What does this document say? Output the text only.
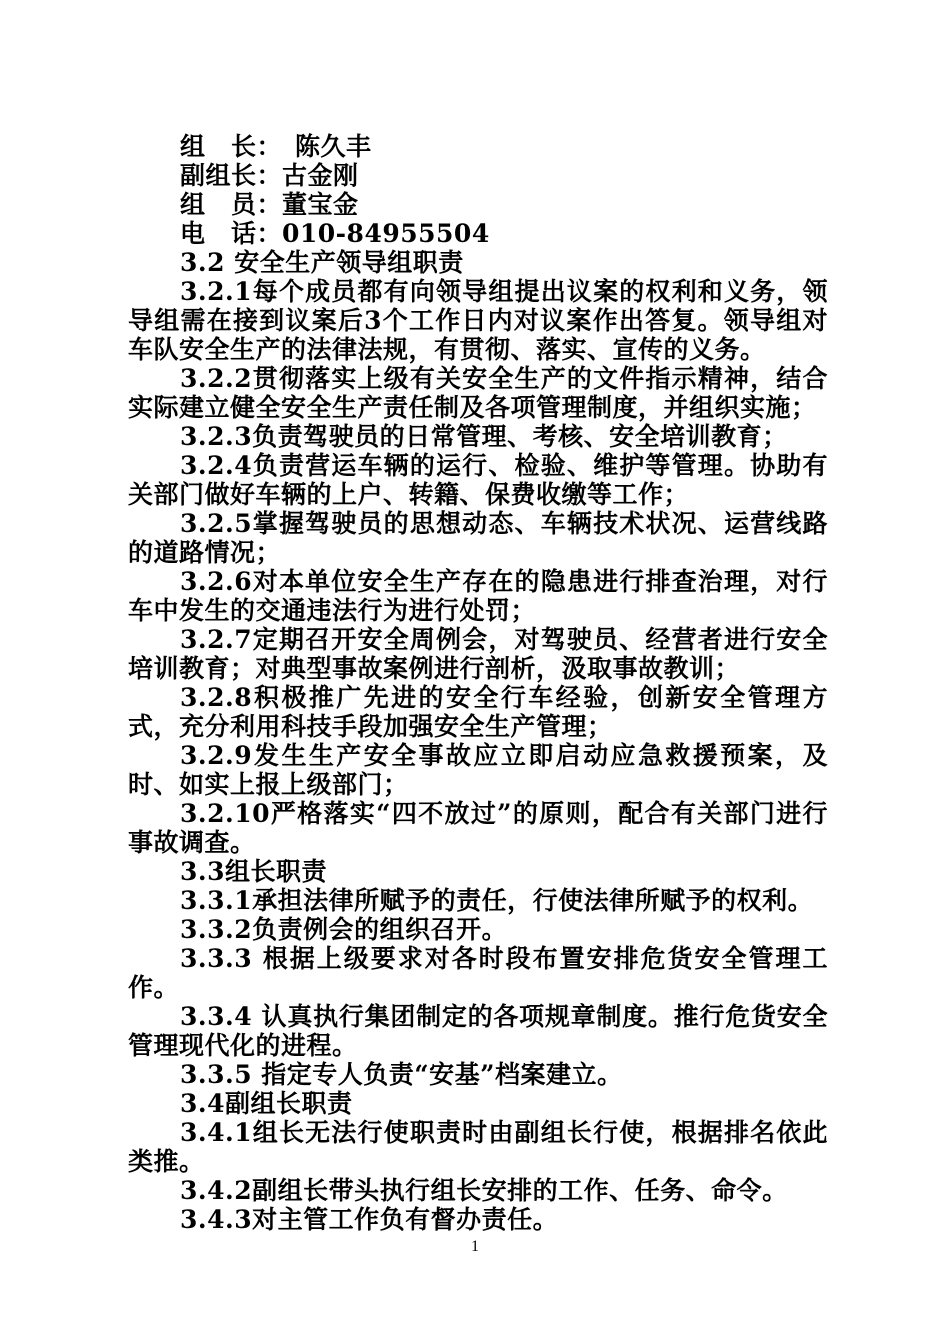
组　长：　陈久丰
副组长：古金刚
组　员：董宝金
电　话：010-84955504
3.2 安全生产领导组职责
3.2.1每个成员都有向领导组提出议案的权利和义务，领导组需在接到议案后3个工作日内对议案作出答复。领导组对车队安全生产的法律法规，有贯彻、落实、宣传的义务。
3.2.2贯彻落实上级有关安全生产的文件指示精神，结合实际建立健全安全生产责任制及各项管理制度，并组织实施；
3.2.3负责驾驶员的日常管理、考核、安全培训教育；
3.2.4负责营运车辆的运行、检验、维护等管理。协助有关部门做好车辆的上户、转籍、保费收缴等工作；
3.2.5掌握驾驶员的思想动态、车辆技术状况、运营线路的道路情况；
3.2.6对本单位安全生产存在的隐患进行排查治理，对行车中发生的交通违法行为进行处罚；
3.2.7定期召开安全周例会，对驾驶员、经营者进行安全培训教育；对典型事故案例进行剖析，汲取事故教训；
3.2.8积极推广先进的安全行车经验，创新安全管理方式，充分利用科技手段加强安全生产管理；
3.2.9发生生产安全事故应立即启动应急救援预案，及时、如实上报上级部门；
3.2.10严格落实“四不放过”的原则，配合有关部门进行事故调查。
3.3组长职责
3.3.1承担法律所赋予的责任，行使法律所赋予的权利。
3.3.2负责例会的组织召开。
3.3.3 根据上级要求对各时段布置安排危货安全管理工作。
3.3.4 认真执行集团制定的各项规章制度。推行危货安全管理现代化的进程。
3.3.5 指定专人负责“安基”档案建立。
3.4副组长职责
3.4.1组长无法行使职责时由副组长行使，根据排名依此类推。
3.4.2副组长带头执行组长安排的工作、任务、命令。
3.4.3对主管工作负有督办责任。
1
